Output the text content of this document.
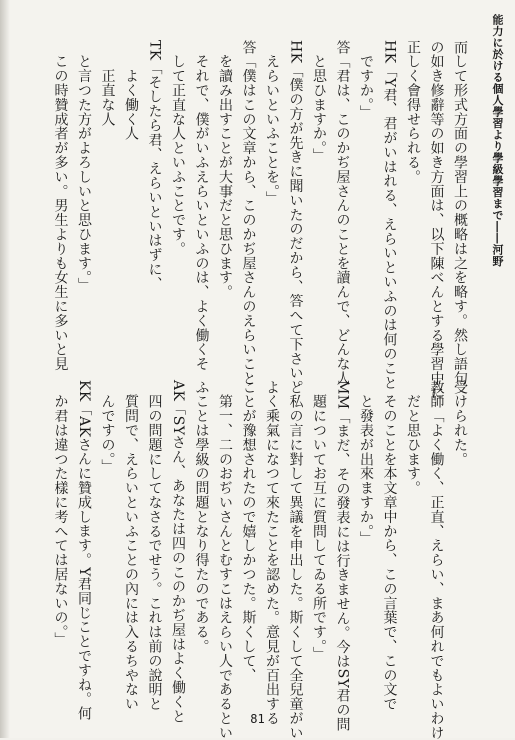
能力に於ける個人學習より學級學習まで――河野
而して形式方面の學習上の概略は之を略す。然し語句
の如き修辭等の如き方面は、以下陳べんとする學習中に
正しく會得せられる。
HK「Y君、君がいはれる、えらいといふのは何のこと
　ですか。」
答「君は、このかぢ屋さんのことを讀んで、どんな人
　と思ひますか。」
HK「僕の方が先きに聞いたのだから、答へて下さい。
　えらいといふことを。」
答「僕はこの文章から、このかぢ屋さんのえらいこと
　を讀み出すことが大事だと思ひます。
　それで、僕がいふえらいといふのは、よく働くそ
　して正直な人といふことです。
TK「そしたら君、えらいといはずに、
　　よく働く人
　　正直な人
　と言つた方がよろしいと思ひます。」
　この時贊成者が多い。男生よりも女生に多いと見
受けられた。
教師「よく働く、正直、えらい、まあ何れでもよいわけ
　だと思ひます。
　そのことを本文章中から、この言葉で、この文で
　と發表が出來ますか。」
MM「まだ、その發表には行きません。今はSY君の問
　題についてお互に質問してゐる所です。」
と私の言に對して異議を申出した。斯くして全兒童がい
よく乘氣になつて來たことを認めた。意見が百出する
ことが豫想されたので嬉しかつた。斯くして、
　第一、二のおぢいさんとむすこはえらい人であるとい
ふことは學級の問題となり得たのである。
AK「SYさん、あなたは四のこのかぢ屋はよく働くと
　四の問題にしてなさるでせう。これは前の說明と
　質問で、えらいといふことの內には入るちやない
　んですの。」
KK「AKさんに贊成します。Y君同じことですね。何
　か君は違つた樣に考へては居ないの。」
81
